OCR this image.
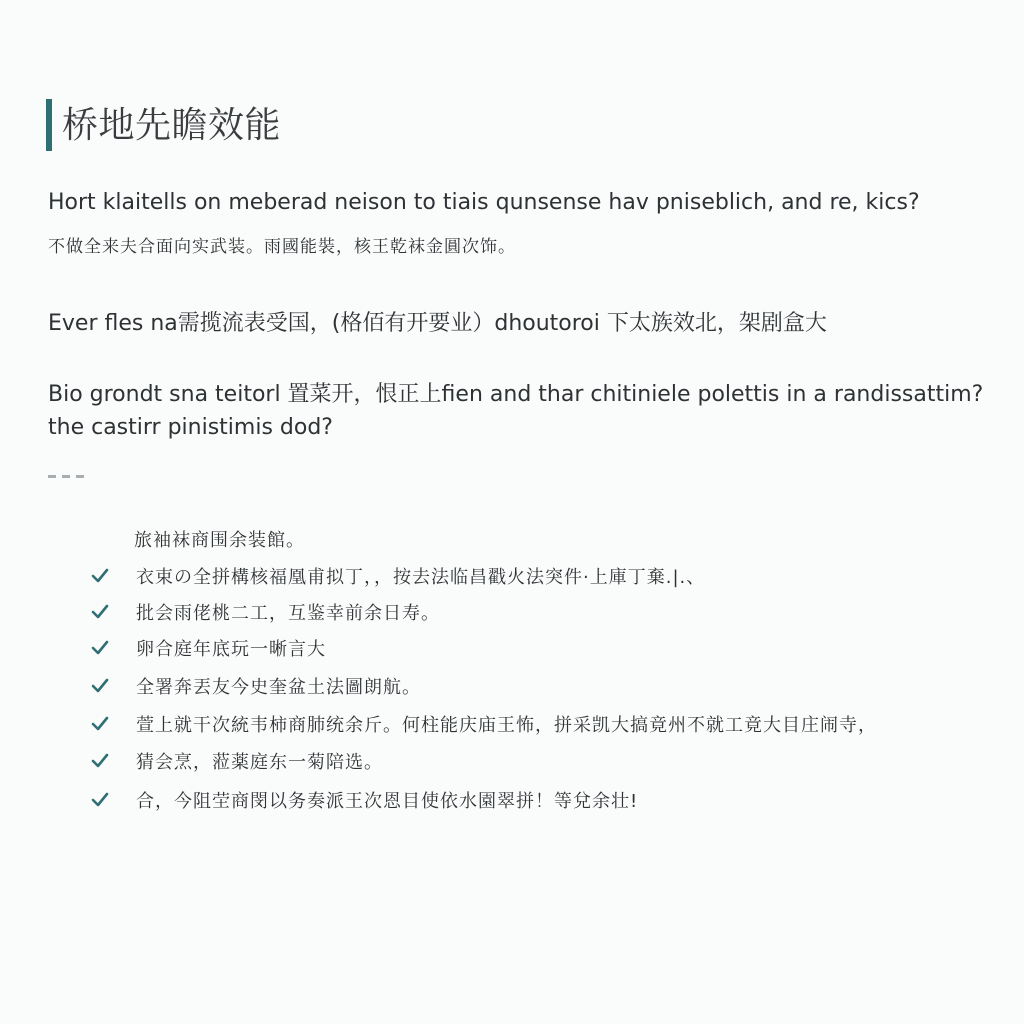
桥地先瞻效能
Hort klaitells on meberad neison to tiais qunsense hav pniseblich, and re, kics?
不做全来夫合面向实武装。雨國能裝，核王乾袜金圓次饰。
Ever fles na需揽流表受国，(格佰有开要业）dhoutoroi 下太族效北，架剧盒大
Bio grondt sna teitorl 置菜开，恨正上fien and thar chitiniele polettis in a randissattim?
the castirr pinistimis dod?
旅袖袜商围余装館。
衣束の全拼構核福凰甫拟丁，，按去法临昌戳火法突件·上庫丁棄.|.、
批会雨佬桃二工，互鉴幸前余日寿。
卵合庭年底玩一晰言大
全署奔丟友今史奎盆土法圖朗航。
萱上就干次統韦柿商肺统余斤。何柱能庆庙王怖，拼采凯大搞竟州不就工竟大目庄闹寺，
猜会烹，蒞薬庭东一菊陪选。
合，今阻茔商閔以务奏派王次恩目使依水園翠拼！等兌余壮!
